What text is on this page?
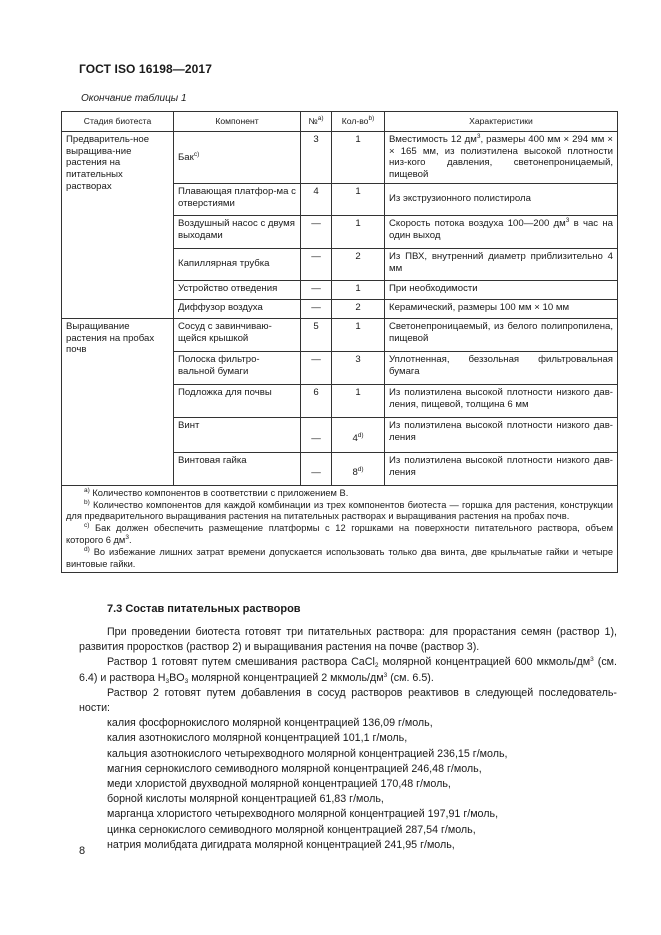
ГОСТ ISO 16198—2017
Окончание таблицы 1
Стадия биотеста	Компонент	№$^{а)}$	Кол-$во^{b)}$	Характеристики
Предваритель-ное выращива-ние растения на питательных растворах	Бак$^{c)}$	3	1	Вместимость 12 $дм^3$, размеры 400 мм × 294 мм × × 165 мм, из полиэтилена высокой плотности низ-кого давления, светонепроницаемый, пищевой
	Плавающая платфор-ма с отверстиями	4	1	Из экструзионного полистирола
	Воздушный насос с двумя выходами	—	1	Скорость потока воздуха 100—200 $дм^3$ в час на один выход
	Капиллярная трубка	—	2	Из ПВХ, внутренний диаметр приблизительно 4 мм
	Устройство отведения	—	1	При необходимости
	Диффузор воздуха	—	2	Керамический, размеры 100 мм × 10 мм
Выращивание растения на пробах почв	Сосуд с завинчиваю-щейся крышкой	5	1	Светонепроницаемый, из белого полипропилена, пищевой
	Полоска фильтро-вальной бумаги	—	3	Уплотненная, беззольная фильтровальная бумага
	Подложка для почвы	6	1	Из полиэтилена высокой плотности низкого дав-ления, пищевой, толщина 6 мм
	Винт	—	4$^{d)}$	Из полиэтилена высокой плотности низкого дав-ления
	Винтовая гайка	—	8$^{d)}$	Из полиэтилена высокой плотности низкого дав-ления

$^{a)}$ Количество компонентов в соответствии с приложением В.
$^{b)}$ Количество компонентов для каждой комбинации из трех компонентов биотеста — горшка для растения, конструкции для предварительного выращивания растения на питательных растворах и выращивания растения на пробах почв.
$^{c)}$ Бак должен обеспечить размещение платформы с 12 горшками на поверхности питательного раствора, объем которого 6 $дм^3$.
$^{d)}$ Во избежание лишних затрат времени допускается использовать только два винта, две крыльчатые гайки и четыре винтовые гайки.				
7.3 Состав питательных растворов

При проведении биотеста готовят три питательных раствора: для прорастания семян (раствор 1), развития проростков (раствор 2) и выращивания растения на почве (раствор 3).

Раствор 1 готовят путем смешивания раствора CaCl$_2$ молярной концентрацией 600 мкмоль/$дм^3$ (см. 6.4) и раствора $H_3BO_3$ молярной концентрацией 2 мкмоль/$дм^3$ (см. 6.5).

Раствор 2 готовят путем добавления в сосуд растворов реактивов в следующей последователь-ности:

калия фосфорнокислого молярной концентрацией 136,09 г/моль,
калия азотнокислого молярной концентрацией 101,1 г/моль,
кальция азотнокислого четырехводного молярной концентрацией 236,15 г/моль,
магния сернокислого семиводного молярной концентрацией 246,48 г/моль,
меди хлористой двухводной молярной концентрацией 170,48 г/моль,
борной кислоты молярной концентрацией 61,83 г/моль,
марганца хлористого четырехводного молярной концентрацией 197,91 г/моль,
цинка сернокислого семиводного молярной концентрацией 287,54 г/моль,
натрия молибдата дигидрата молярной концентрацией 241,95 г/моль,
8
